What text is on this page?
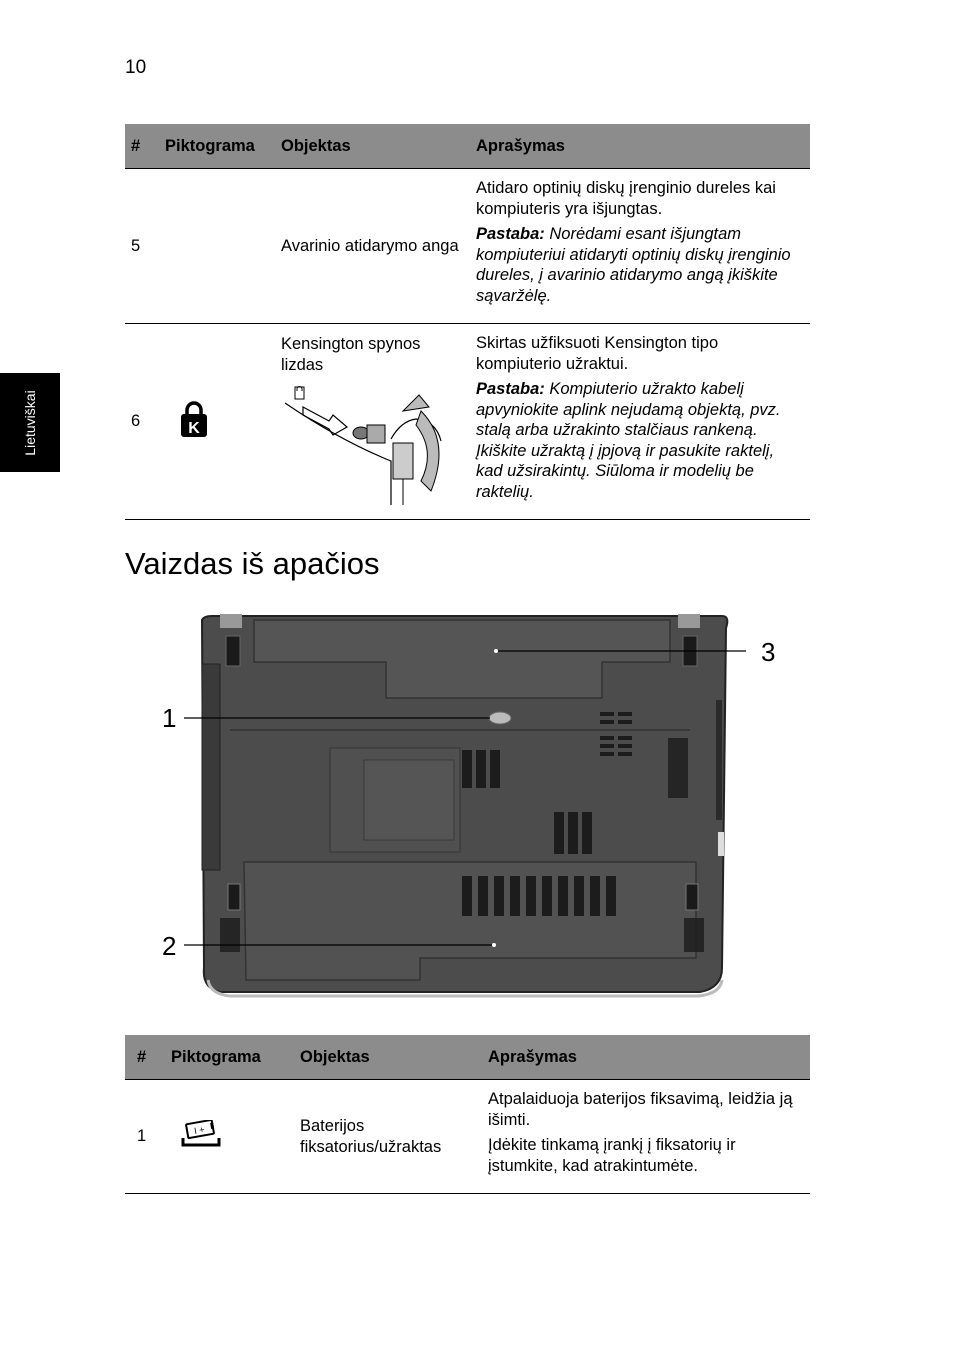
10
Lietuviškai
#	Piktograma	Objektas	Aprašymas
5		Avarinio atidarymo anga	Atidaro optinių diskų įrenginio dureles kai kompiuteris yra išjungtas.

Pastaba: Norėdami esant išjungtam kompiuteriui atidaryti optinių diskų įrenginio dureles, į avarinio atidarymo angą įkiškite sąvaržėlę.

6	K	Kensington spynos lizdas	Skirtas užfiksuoti Kensington tipo kompiuterio užraktui.

Pastaba: Kompiuterio užrakto kabelį apvyniokite aplink nejudamą objektą, pvz. stalą arba užrakinto stalčiaus rankeną. Įkiškite užraktą į įpjovą ir pasukite raktelį, kad užsirakintų. Siūloma ir modelių be raktelių.

Vaizdas iš apačios
1
2
3
#	Piktograma	Objektas	Aprašymas
1	I +	Baterijos fiksatorius/užraktas	Atpalaiduoja baterijos fiksavimą, leidžia ją išimti.

Įdėkite tinkamą įrankį į fiksatorių ir įstumkite, kad atrakintumėte.
